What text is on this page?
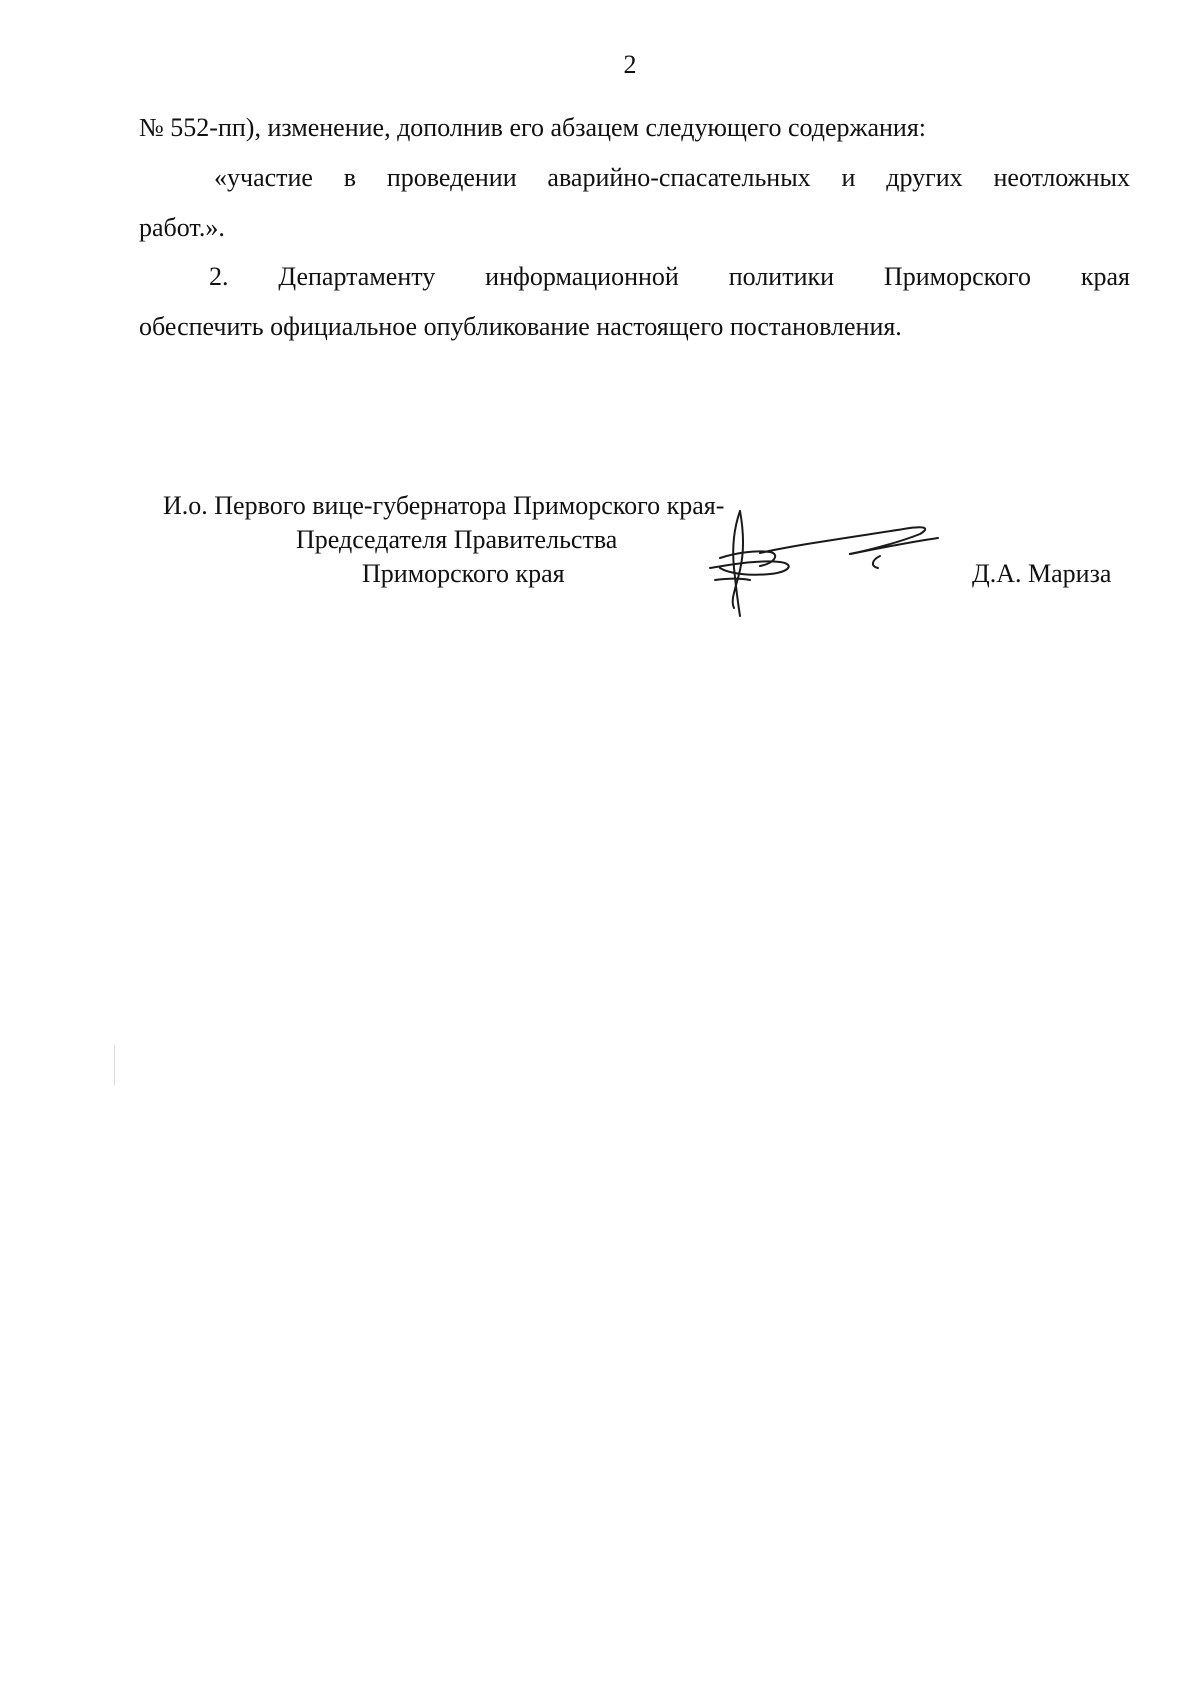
2
№ 552-пп), изменение, дополнив его абзацем следующего содержания:
«участие в проведении аварийно-спасательных и других неотложных
работ.».
2. Департаменту информационной политики Приморского края
обеспечить официальное опубликование настоящего постановления.
И.о. Первого вице-губернатора Приморского края-
Председателя Правительства
Приморского края	Д.А. Мариза
